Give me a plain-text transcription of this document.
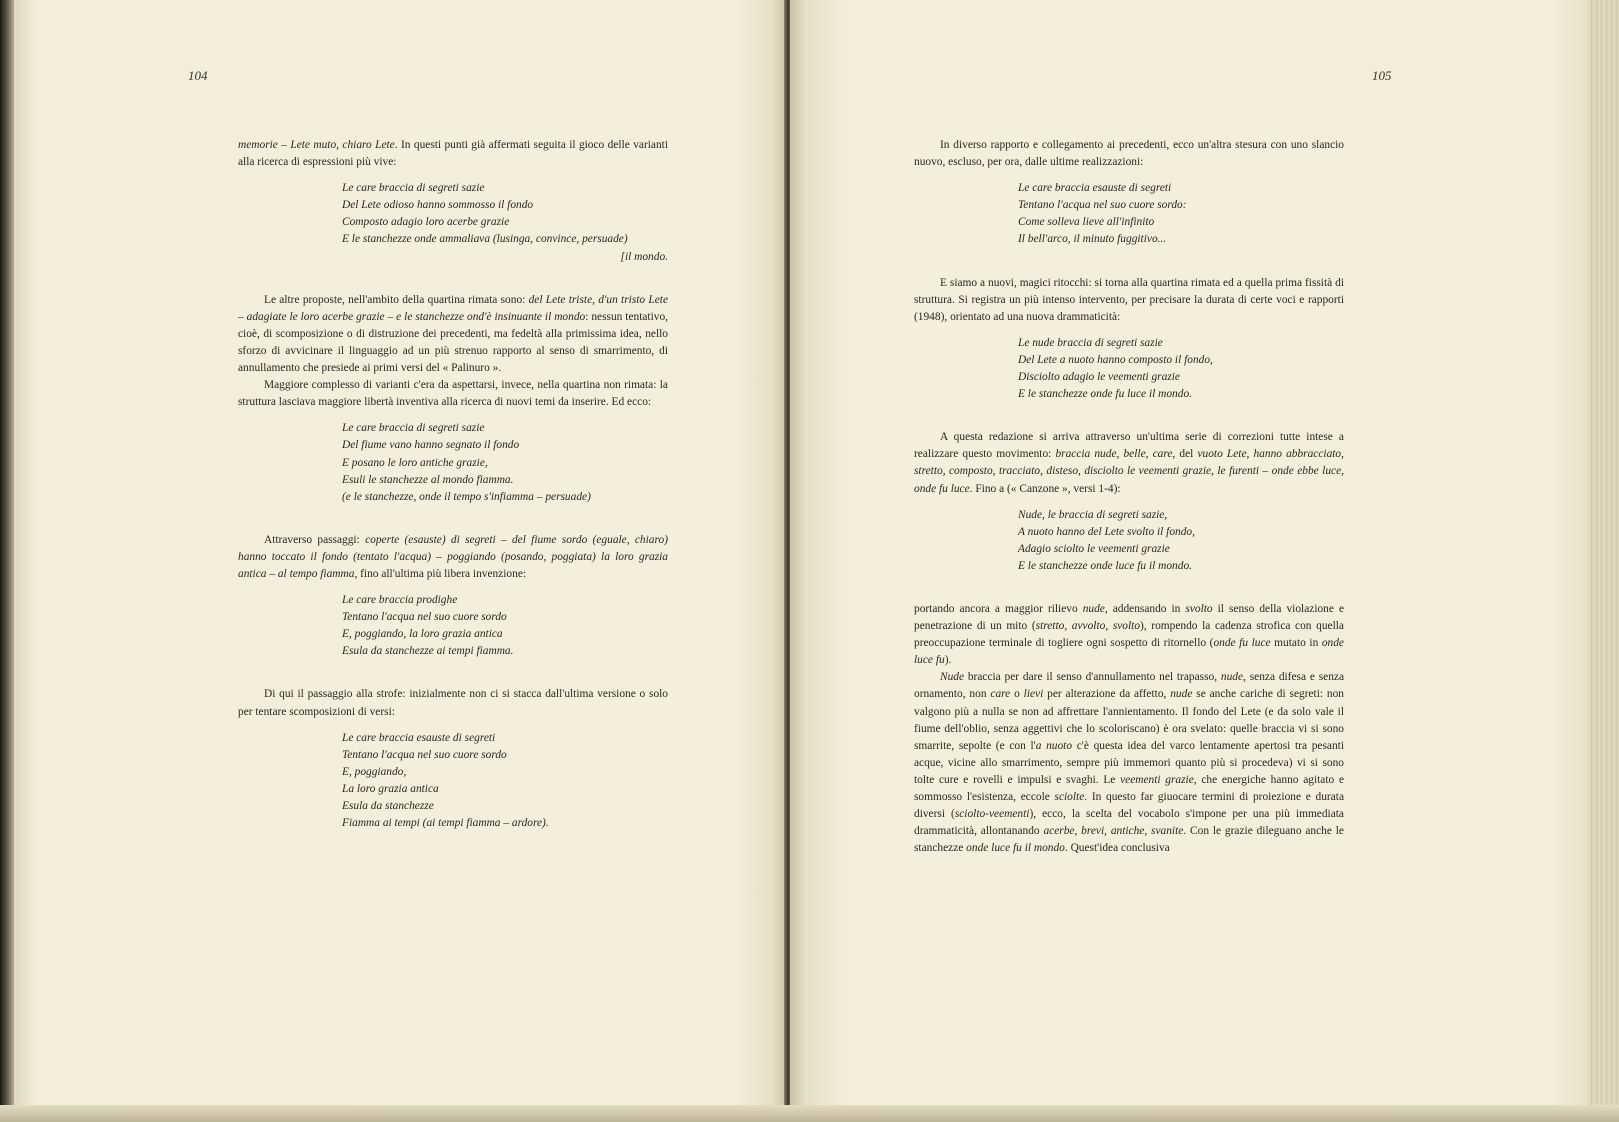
104	105

memorie – Lete muto, chiaro Lete. In questi punti già affermati seguita il gioco delle varianti alla ricerca di espressioni più vive:

Le care braccia di segreti sazie
Del Lete odioso hanno sommosso il fondo
Composto adagio loro acerbe grazie
E le stanchezze onde ammaliava (lusinga, convince, persuade)
[il mondo.

Le altre proposte, nell'ambito della quartina rimata sono: del Lete triste, d'un tristo Lete – adagiate le loro acerbe grazie – e le stanchezze ond'è insinuante il mondo: nessun tentativo, cioè, di scomposizione o di distruzione dei precedenti, ma fedeltà alla primissima idea, nello sforzo di avvicinare il linguaggio ad un più strenuo rapporto al senso di smarrimento, di annullamento che presiede ai primi versi del « Palinuro ».

Maggiore complesso di varianti c'era da aspettarsi, invece, nella quartina non rimata: la struttura lasciava maggiore libertà inventiva alla ricerca di nuovi temi da inserire. Ed ecco:

Le care braccia di segreti sazie
Del fiume vano hanno segnato il fondo
E posano le loro antiche grazie,
Esuli le stanchezze al mondo fiamma.
(e le stanchezze, onde il tempo s'infiamma – persuade)

Attraverso passaggi: coperte (esauste) di segreti – del fiume sordo (eguale, chiaro) hanno toccato il fondo (tentato l'acqua) – poggiando (posando, poggiata) la loro grazia antica – al tempo fiamma, fino all'ultima più libera invenzione:

Le care braccia prodighe
Tentano l'acqua nel suo cuore sordo
E, poggiando, la loro grazia antica
Esula da stanchezze ai tempi fiamma.

Di qui il passaggio alla strofe: inizialmente non ci si stacca dall'ultima versione o solo per tentare scomposizioni di versi:

Le care braccia esauste di segreti
Tentano l'acqua nel suo cuore sordo
E, poggiando,
La loro grazia antica
Esula da stanchezze
Fiamma ai tempi (ai tempi fiamma – ardore).

In diverso rapporto e collegamento ai precedenti, ecco un'altra stesura con uno slancio nuovo, escluso, per ora, dalle ultime realizzazioni:

Le care braccia esauste di segreti
Tentano l'acqua nel suo cuore sordo:
Come solleva lieve all'infinito
Il bell'arco, il minuto fuggitivo...

E siamo a nuovi, magici ritocchi: si torna alla quartina rimata ed a quella prima fissità di struttura. Si registra un più intenso intervento, per precisare la durata di certe voci e rapporti (1948), orientato ad una nuova drammaticità:

Le nude braccia di segreti sazie
Del Lete a nuoto hanno composto il fondo,
Disciolto adagio le veementi grazie
E le stanchezze onde fu luce il mondo.

A questa redazione si arriva attraverso un'ultima serie di correzioni tutte intese a realizzare questo movimento: braccia nude, belle, care, del vuoto Lete, hanno abbracciato, stretto, composto, tracciato, disteso, disciolto le veementi grazie, le furenti – onde ebbe luce, onde fu luce. Fino a (« Canzone », versi 1-4):

Nude, le braccia di segreti sazie,
A nuoto hanno del Lete svolto il fondo,
Adagio sciolto le veementi grazie
E le stanchezze onde luce fu il mondo.

portando ancora a maggior rilievo nude, addensando in svolto il senso della violazione e penetrazione di un mito (stretto, avvolto, svolto), rompendo la cadenza strofica con quella preoccupazione terminale di togliere ogni sospetto di ritornello (onde fu luce mutato in onde luce fu).

Nude braccia per dare il senso d'annullamento nel trapasso, nude, senza difesa e senza ornamento, non care o lievi per alterazione da affetto, nude se anche cariche di segreti: non valgono più a nulla se non ad affrettare l'annientamento. Il fondo del Lete (e da solo vale il fiume dell'oblio, senza aggettivi che lo scoloriscano) è ora svelato: quelle braccia vi si sono smarrite, sepolte (e con l'a nuoto c'è questa idea del varco lentamente apertosi tra pesanti acque, vicine allo smarrimento, sempre più immemori quanto più si procedeva) vi si sono tolte cure e rovelli e impulsi e svaghi. Le veementi grazie, che energiche hanno agitato e sommosso l'esistenza, eccole sciolte. In questo far giuocare termini di proiezione e durata diversi (sciolto-veementi), ecco, la scelta del vocabolo s'impone per una più immediata drammaticità, allontanando acerbe, brevi, antiche, svanite. Con le grazie dileguano anche le stanchezze onde luce fu il mondo. Quest'idea conclusiva
